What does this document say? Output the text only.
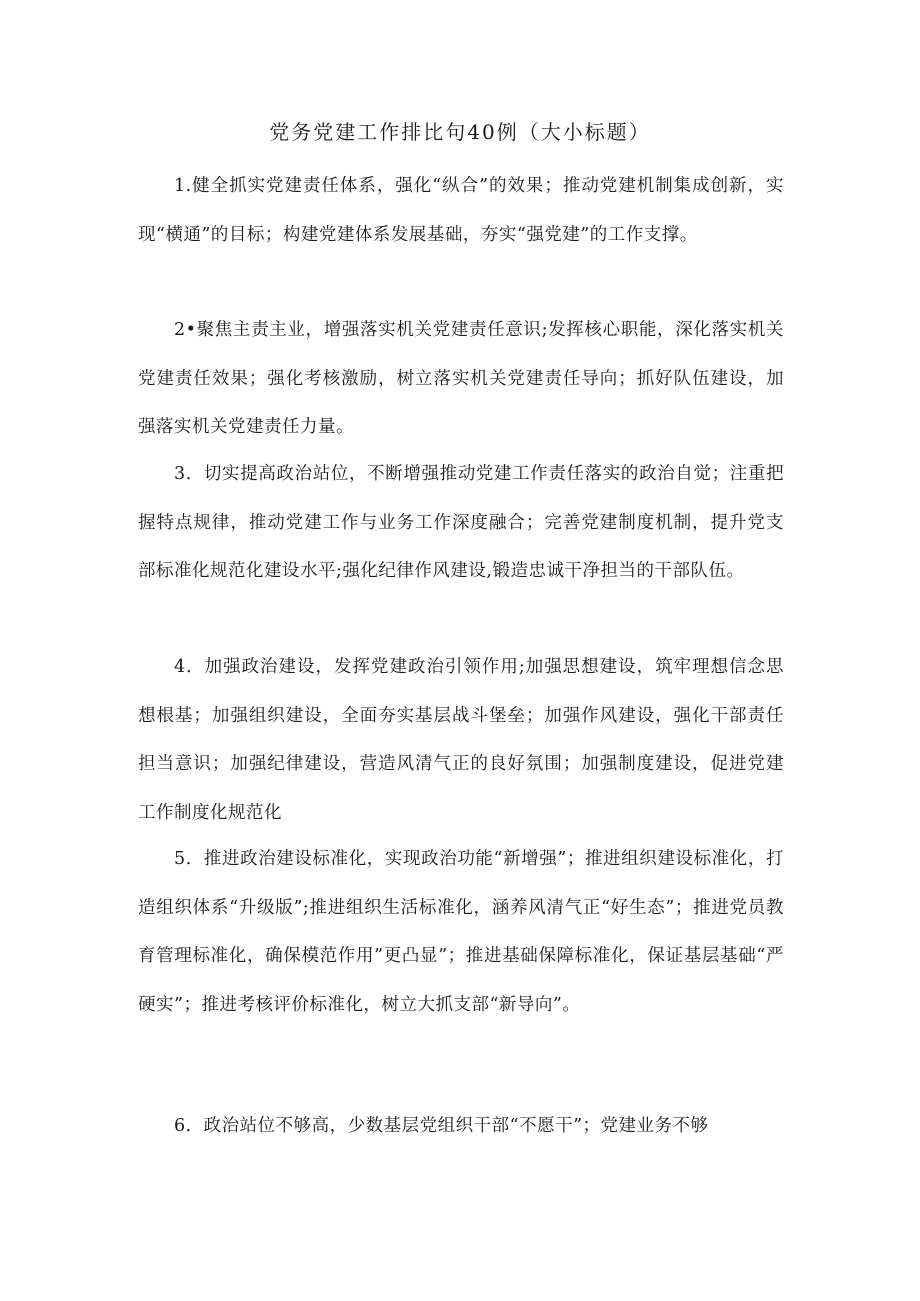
党务党建工作排比句40例（大小标题）
1.健全抓实党建责任体系，强化“纵合”的效果；推动党建机制集成创新，实现“横通”的目标；构建党建体系发展基础，夯实“强党建”的工作支撑。
2•聚焦主责主业，增强落实机关党建责任意识;发挥核心职能，深化落实机关党建责任效果；强化考核激励，树立落实机关党建责任导向；抓好队伍建设，加强落实机关党建责任力量。
3．切实提高政治站位，不断增强推动党建工作责任落实的政治自觉；注重把握特点规律，推动党建工作与业务工作深度融合；完善党建制度机制，提升党支部标准化规范化建设水平;强化纪律作风建设,锻造忠诚干净担当的干部队伍。
4．加强政治建设，发挥党建政治引领作用;加强思想建设，筑牢理想信念思想根基；加强组织建设，全面夯实基层战斗堡垒；加强作风建设，强化干部责任担当意识；加强纪律建设，营造风清气正的良好氛围；加强制度建设，促进党建工作制度化规范化
5．推进政治建设标准化，实现政治功能“新增强”；推进组织建设标准化，打造组织体系“升级版”;推进组织生活标准化，涵养风清气正“好生态”；推进党员教育管理标准化，确保模范作用”更凸显”；推进基础保障标准化，保证基层基础“严硬实”；推进考核评价标准化，树立大抓支部“新导向”。
6．政治站位不够高，少数基层党组织干部“不愿干”；党建业务不够
